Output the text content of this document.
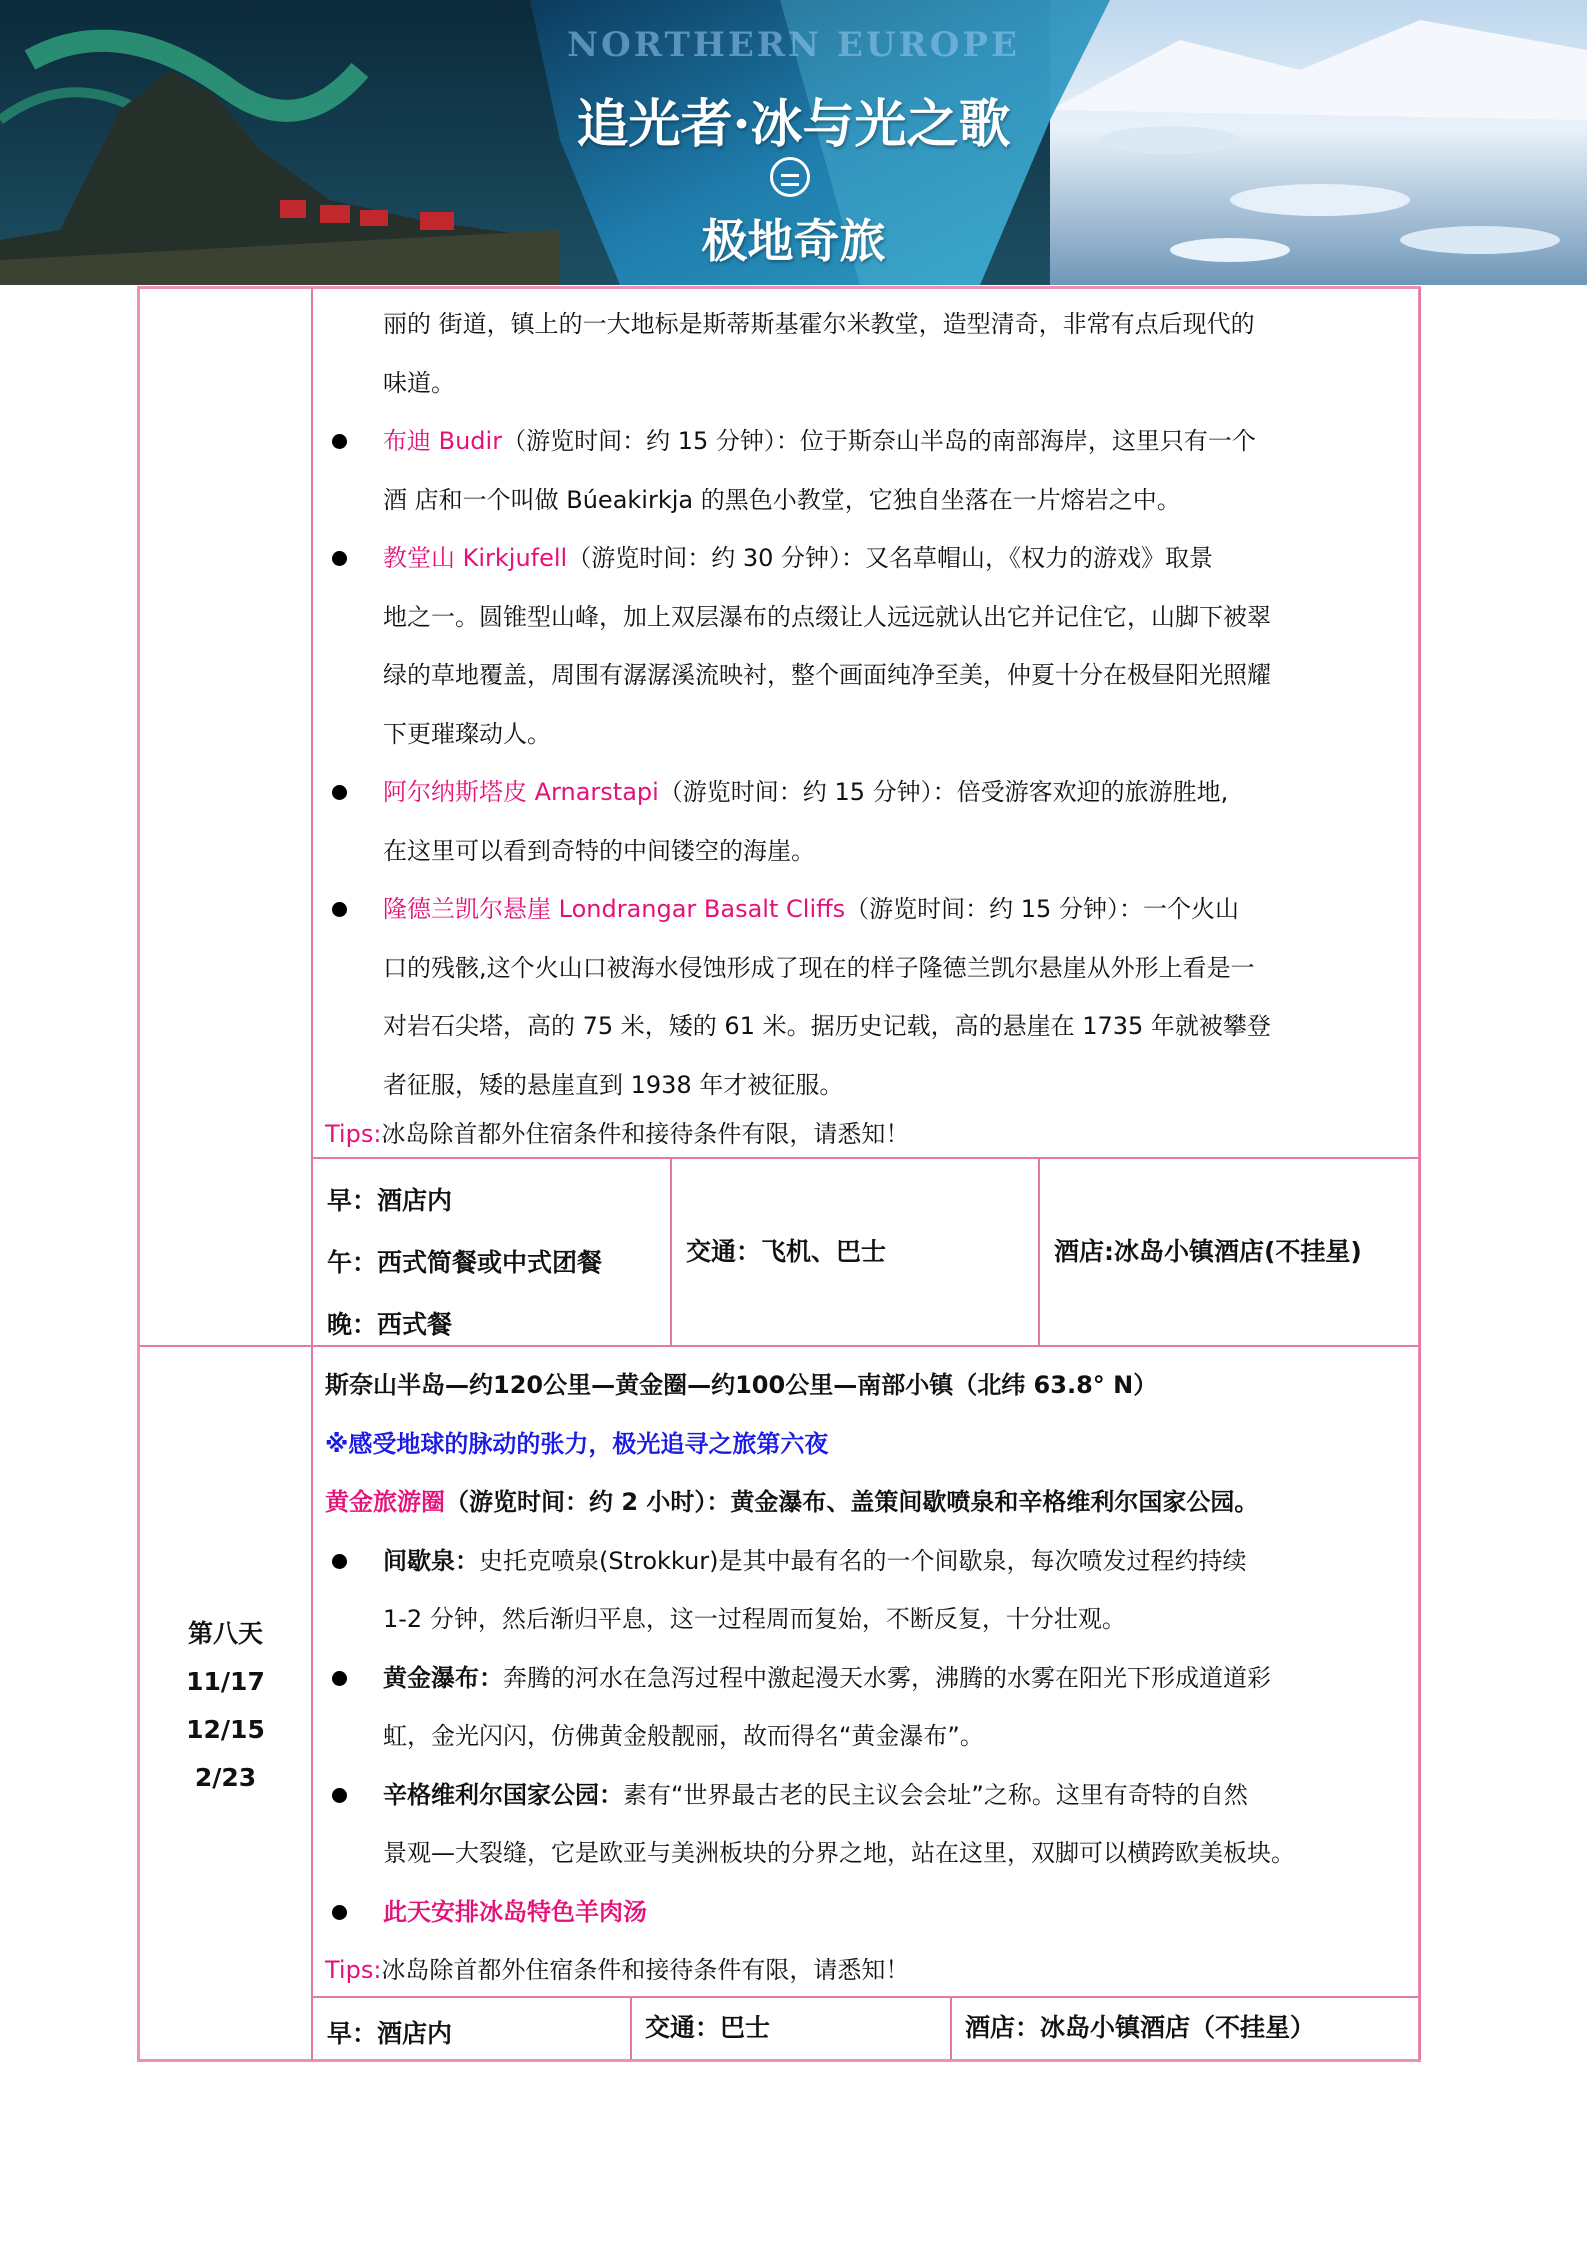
NORTHERN EUROPE
追光者·冰与光之歌
极地奇旅

丽的 街道，镇上的一大地标是斯蒂斯基霍尔米教堂，造型清奇，非常有点后现代的

味道。

布迪 Budir（游览时间：约 15 分钟）：位于斯奈山半岛的南部海岸，这里只有一个

酒 店和一个叫做 Búeakirkja 的黑色小教堂，它独自坐落在一片熔岩之中。

教堂山 Kirkjufell（游览时间：约 30 分钟）：又名草帽山，《权力的游戏》取景

地之一。圆锥型山峰，加上双层瀑布的点缀让人远远就认出它并记住它，山脚下被翠

绿的草地覆盖，周围有潺潺溪流映衬，整个画面纯净至美，仲夏十分在极昼阳光照耀

下更璀璨动人。

阿尔纳斯塔皮 Arnarstapi（游览时间：约 15 分钟）：倍受游客欢迎的旅游胜地,

在这里可以看到奇特的中间镂空的海崖。

隆德兰凯尔悬崖 Londrangar Basalt Cliffs（游览时间：约 15 分钟）：一个火山

口的残骸,这个火山口被海水侵蚀形成了现在的样子隆德兰凯尔悬崖从外形上看是一

对岩石尖塔，高的 75 米，矮的 61 米。据历史记载，高的悬崖在 1735 年就被攀登

者征服，矮的悬崖直到 1938 年才被征服。

Tips:冰岛除首都外住宿条件和接待条件有限，请悉知！

早：酒店内
午：西式简餐或中式团餐
晚：西式餐
交通：飞机、巴士	酒店:冰岛小镇酒店(不挂星)
第八天
11/17
12/15
2/23

斯奈山半岛—约120公里—黄金圈—约100公里—南部小镇（北纬 63.8° N）

※感受地球的脉动的张力，极光追寻之旅第六夜

黄金旅游圈（游览时间：约 2 小时）：黄金瀑布、盖策间歇喷泉和辛格维利尔国家公园。

间歇泉：史托克喷泉(Strokkur)是其中最有名的一个间歇泉，每次喷发过程约持续

1-2 分钟，然后渐归平息，这一过程周而复始，不断反复，十分壮观。

黄金瀑布：奔腾的河水在急泻过程中激起漫天水雾，沸腾的水雾在阳光下形成道道彩

虹，金光闪闪，仿佛黄金般靓丽，故而得名“黄金瀑布”。

辛格维利尔国家公园：素有“世界最古老的民主议会会址”之称。这里有奇特的自然

景观—大裂缝，它是欧亚与美洲板块的分界之地，站在这里，双脚可以横跨欧美板块。

此天安排冰岛特色羊肉汤

Tips:冰岛除首都外住宿条件和接待条件有限，请悉知！

早：酒店内	交通：巴士	酒店：冰岛小镇酒店（不挂星）
